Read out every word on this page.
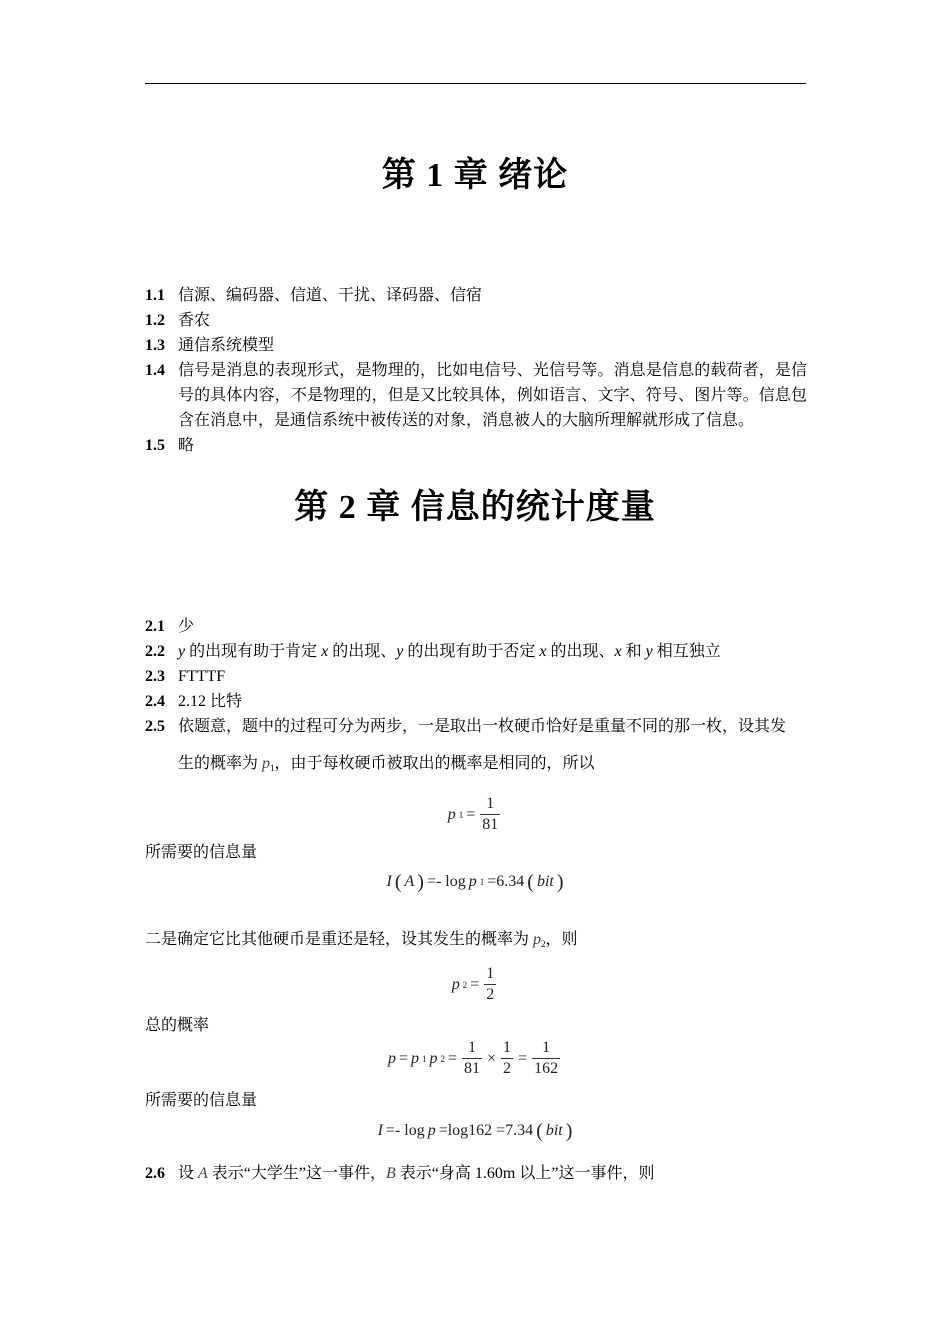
第 1 章 绪论
1.1 信源、编码器、信道、干扰、译码器、信宿
1.2 香农
1.3 通信系统模型
1.4 信号是消息的表现形式，是物理的，比如电信号、光信号等。消息是信息的载荷者，是信号的具体内容，不是物理的，但是又比较具体，例如语言、文字、符号、图片等。信息包含在消息中，是通信系统中被传送的对象，消息被人的大脑所理解就形成了信息。
1.5 略
第 2 章 信息的统计度量
2.1 少
2.2 y 的出现有助于肯定 x 的出现、y 的出现有助于否定 x 的出现、x 和 y 相互独立
2.3 FTTTF
2.4 2.12 比特
2.5 依题意，题中的过程可分为两步，一是取出一枚硬币恰好是重量不同的那一枚，设其发
生的概率为 $p_1$，由于每枚硬币被取出的概率是相同的，所以
p $1 = \frac{1}{81}$
所需要的信息量
I ( A ) =- log p 1 =6.34 ( bit )
二是确定它比其他硬币是重还是轻，设其发生的概率为 $p_2$，则
p $2 = \frac{1}{2}$
总的概率
p = p 1 p $2 = \frac{1}{81} \times \frac{1}{2} = \frac{1}{162}$
所需要的信息量
I =- log p =log162 =7.34 ( bit )
2.6 设 A 表示“大学生”这一事件，B 表示“身高 1.60m 以上”这一事件，则
